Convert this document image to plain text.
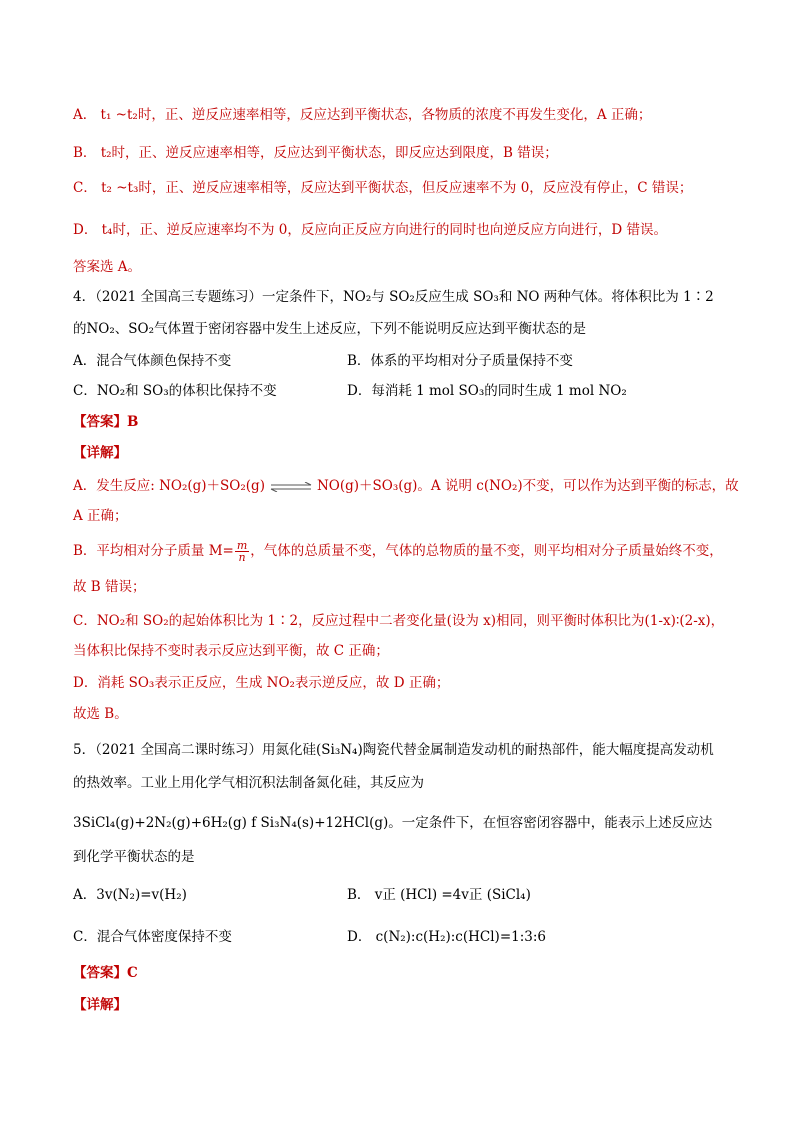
A． t₁ ~t₂时，正、逆反应速率相等，反应达到平衡状态，各物质的浓度不再发生变化，A 正确；
B． t₂时，正、逆反应速率相等，反应达到平衡状态，即反应达到限度，B 错误；
C． t₂ ~t₃时，正、逆反应速率相等，反应达到平衡状态，但反应速率不为 0，反应没有停止，C 错误；
D． t₄时，正、逆反应速率均不为 0，反应向正反应方向进行的同时也向逆反应方向进行，D 错误。
答案选 A。
4．（2021 全国高三专题练习）一定条件下，NO₂与 SO₂反应生成 SO₃和 NO 两种气体。将体积比为 1∶2
的NO₂、SO₂气体置于密闭容器中发生上述反应，下列不能说明反应达到平衡状态的是
A．混合气体颜色保持不变	B．体系的平均相对分子质量保持不变
C．NO₂和 SO₃的体积比保持不变	D．每消耗 1 mol SO₃的同时生成 1 mol NO₂
【答案】B
【详解】
A．发生反应: NO₂(g)＋SO₂(g) ⇌ NO(g)＋SO₃(g)。A 说明 c(NO₂)不变，可以作为达到平衡的标志，故
A 正确；
B．平均相对分子质量 $M= \frac{m}{n}$ ，气体的总质量不变，气体的总物质的量不变，则平均相对分子质量始终不变，
故 B 错误；
C．NO₂和 SO₂的起始体积比为 1∶2，反应过程中二者变化量(设为 x)相同，则平衡时体积比为(1-x)∶(2-x)，
当体积比保持不变时表示反应达到平衡，故 C 正确；
D．消耗 SO₃表示正反应，生成 NO₂表示逆反应，故 D 正确；
故选 B。
5．（2021 全国高二课时练习）用氮化硅(Si₃N₄)陶瓷代替金属制造发动机的耐热部件，能大幅度提高发动机
的热效率。工业上用化学气相沉积法制备氮化硅，其反应为
3SiCl₄(g)+2N₂(g)+6H₂(g) f Si₃N₄(s)+12HCl(g)。一定条件下，在恒容密闭容器中，能表示上述反应达
到化学平衡状态的是
A．3v(N₂)=v(H₂)	B． v正 (HCl) =4v正 (SiCl₄)
C．混合气体密度保持不变	D． c(N₂):c(H₂):c(HCl)=1:3:6
【答案】C
【详解】
